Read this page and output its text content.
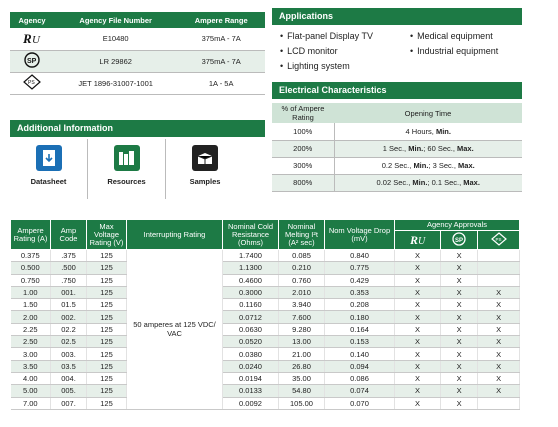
Agency	Agency File Number	Ampere Range

R U	E10480	375mA - 7A

SP	LR 29862	375mA - 7A

PS	JET 1896-31007-1001	1A - 5A
Applications
• Flat-panel Display TV	• Medical equipment
• LCD monitor	• Industrial equipment
• Lighting system
Electrical Characteristics
% of Ampere Rating	Opening Time
100%	4 Hours, Min.
200%	1 Sec., Min.; 60 Sec., Max.
300%	0.2 Sec., Min.; 3 Sec., Max.
800%	0.02 Sec., Min.; 0.1 Sec., Max.
Additional Information
Datasheet	Resources	Samples
Ampere Rating (A)	Amp Code	Max Voltage Rating (V)	Interrupting Rating	Nominal Cold Resistance (Ohms)	Nominal Melting I²t (A² sec)	Nom Voltage Drop (mV)	Agency Approvals		

R U	SP	PS

0.375	.375	125	50 amperes at 125 VDC/ VAC	1.7400	0.085	0.840	X	X	
0.500	.500	125		1.1300	0.210	0.775	X	X	
0.750	.750	125		0.4600	0.760	0.429	X	X	
1.00	001.	125		0.3000	2.010	0.353	X	X	X
1.50	01.5	125		0.1160	3.940	0.208	X	X	X
2.00	002.	125		0.0712	7.600	0.180	X	X	X
2.25	02.2	125		0.0630	9.280	0.164	X	X	X
2.50	02.5	125		0.0520	13.00	0.153	X	X	X
3.00	003.	125		0.0380	21.00	0.140	X	X	X
3.50	03.5	125		0.0240	26.80	0.094	X	X	X
4.00	004.	125		0.0194	35.00	0.086	X	X	X
5.00	005.	125		0.0133	54.80	0.074	X	X	X
7.00	007.	125		0.0092	105.00	0.070	X	X	
